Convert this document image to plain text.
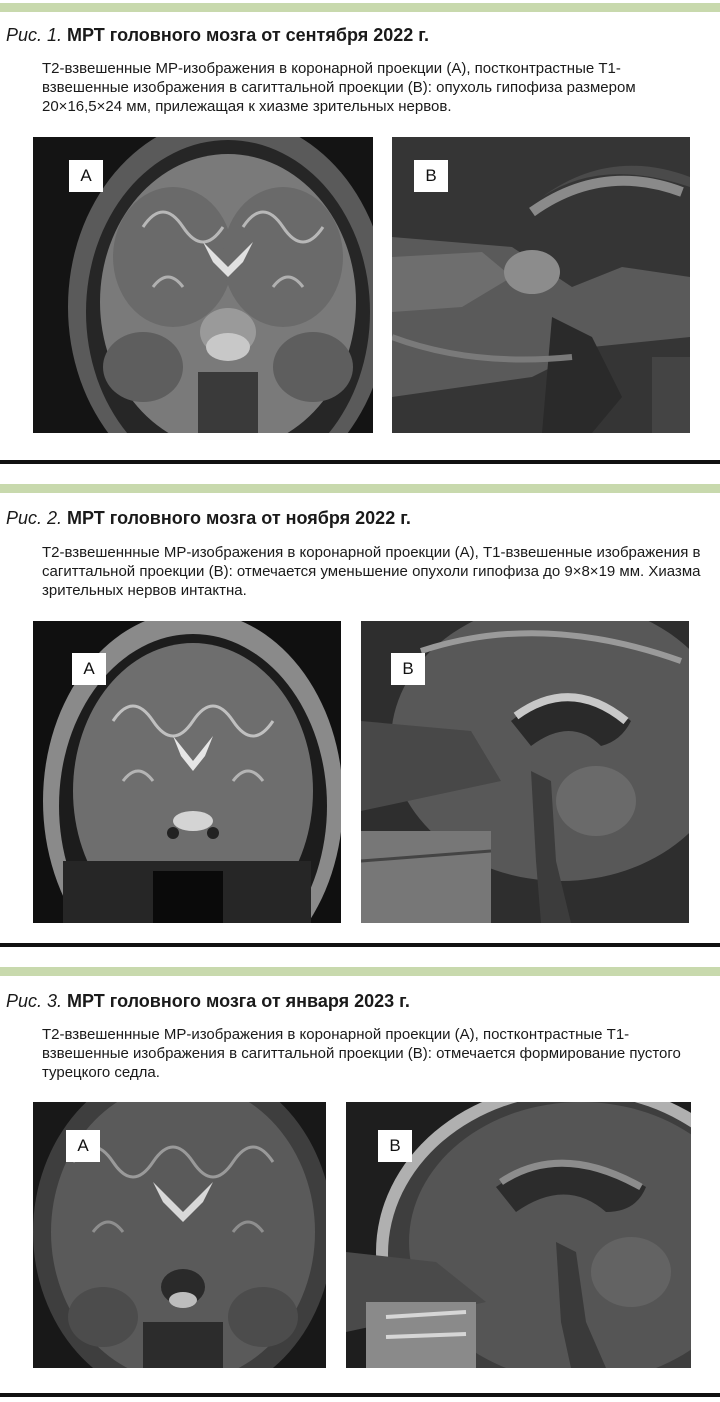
Рис. 1. МРТ головного мозга от сентября 2022 г.
Т2-взвешенные МР-изображения в коронарной проекции (А), постконтрастные Т1-взвешенные изображения в сагиттальной проекции (В): опухоль гипофиза размером 20×16,5×24 мм, прилежащая к хиазме зрительных нервов.
А	В
Рис. 2. МРТ головного мозга от ноября 2022 г.
Т2-взвешеннные МР-изображения в коронарной проекции (А), Т1-взвешенные изображения в сагиттальной проекции (В): отмечается уменьшение опухоли гипофиза до 9×8×19 мм. Хиазма зрительных нервов интактна.
А	В
Рис. 3. МРТ головного мозга от января 2023 г.
Т2-взвешеннные МР-изображения в коронарной проекции (А), постконтрастные Т1-взвешенные изображения в сагиттальной проекции (В): отмечается формирование пустого турецкого седла.
А	В
